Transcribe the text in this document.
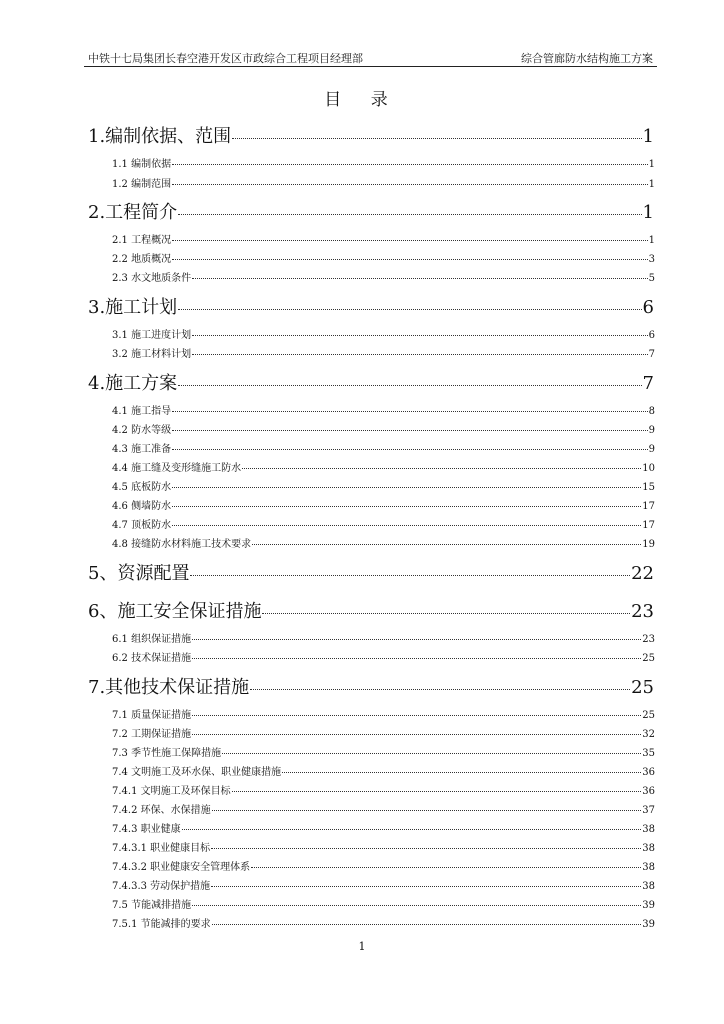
中铁十七局集团长春空港开发区市政综合工程项目经理部	综合管廊防水结构施工方案
目 录
1.编制依据、范围	1
1.1 编制依据	1
1.2 编制范围	1
2.工程简介	1
2.1 工程概况	1
2.2 地质概况	3
2.3 水文地质条件	5
3.施工计划	6
3.1 施工进度计划	6
3.2 施工材料计划	7
4.施工方案	7
4.1 施工指导	8
4.2 防水等级	9
4.3 施工准备	9
4.4 施工缝及变形缝施工防水	10
4.5 底板防水	15
4.6 侧墙防水	17
4.7 顶板防水	17
4.8 接缝防水材料施工技术要求	19
5、资源配置	22
6、施工安全保证措施	23
6.1 组织保证措施	23
6.2 技术保证措施	25
7.其他技术保证措施	25
7.1 质量保证措施	25
7.2 工期保证措施	32
7.3 季节性施工保障措施	35
7.4 文明施工及环水保、职业健康措施	36
7.4.1 文明施工及环保目标	36
7.4.2 环保、水保措施	37
7.4.3 职业健康	38
7.4.3.1 职业健康目标	38
7.4.3.2 职业健康安全管理体系	38
7.4.3.3 劳动保护措施	38
7.5 节能减排措施	39
7.5.1 节能减排的要求	39
1
